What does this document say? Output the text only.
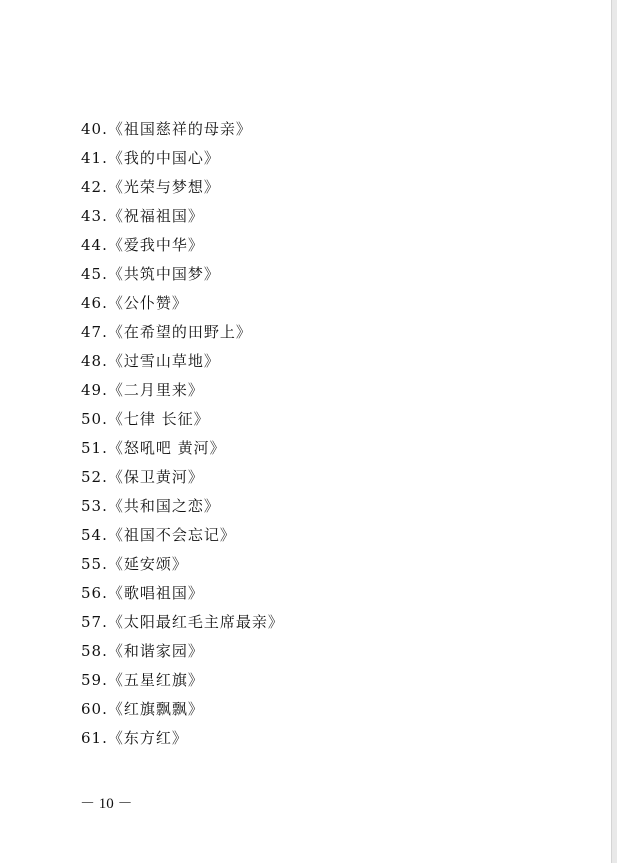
40.《祖国慈祥的母亲》
41.《我的中国心》
42.《光荣与梦想》
43.《祝福祖国》
44.《爱我中华》
45.《共筑中国梦》
46.《公仆赞》
47.《在希望的田野上》
48.《过雪山草地》
49.《二月里来》
50.《七律 长征》
51.《怒吼吧 黄河》
52.《保卫黄河》
53.《共和国之恋》
54.《祖国不会忘记》
55.《延安颂》
56.《歌唱祖国》
57.《太阳最红毛主席最亲》
58.《和谐家园》
59.《五星红旗》
60.《红旗飘飘》
61.《东方红》
－ 10 －
